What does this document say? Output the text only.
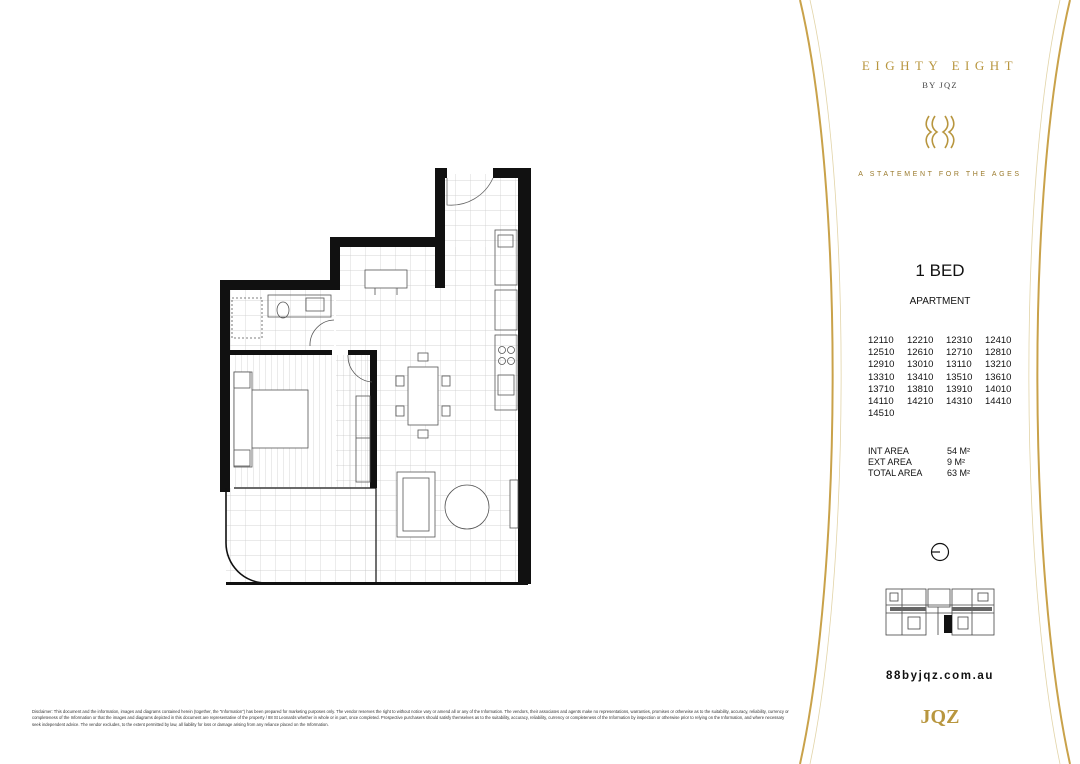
Disclaimer: This document and the information, images and diagrams contained herein (together, the "Information") has been prepared for marketing purposes only. The vendor reserves the right to without notice vary or amend all or any of the Information. The vendors, their associates and agents make no representations, warranties, promises or otherwise as to the suitability, accuracy, reliability, currency or completeness of the Information or that the images and diagrams depicted in this document are representative of the property / 88 St Leonards whether in whole or in part, once completed. Prospective purchasers should satisfy themselves as to the suitability, accuracy, reliability, currency or completeness of the Information by inspection or otherwise prior to relying on the Information, and where necessary seek independent advice. The vendor excludes, to the extent permitted by law, all liability for loss or damage arising from any reliance placed on the Information.
EIGHTY EIGHT
BY JQZ
A STATEMENT FOR THE AGES
1 BED
APARTMENT
12110	12210	12310	12410
12510	12610	12710	12810
12910	13010	13110	13210
13310	13410	13510	13610
13710	13810	13910	14010
14110	14210	14310	14410
14510
INT AREA	54 M²
EXT AREA	9 M²
TOTAL AREA	63 M²
88byjqz.com.au
JQZ
